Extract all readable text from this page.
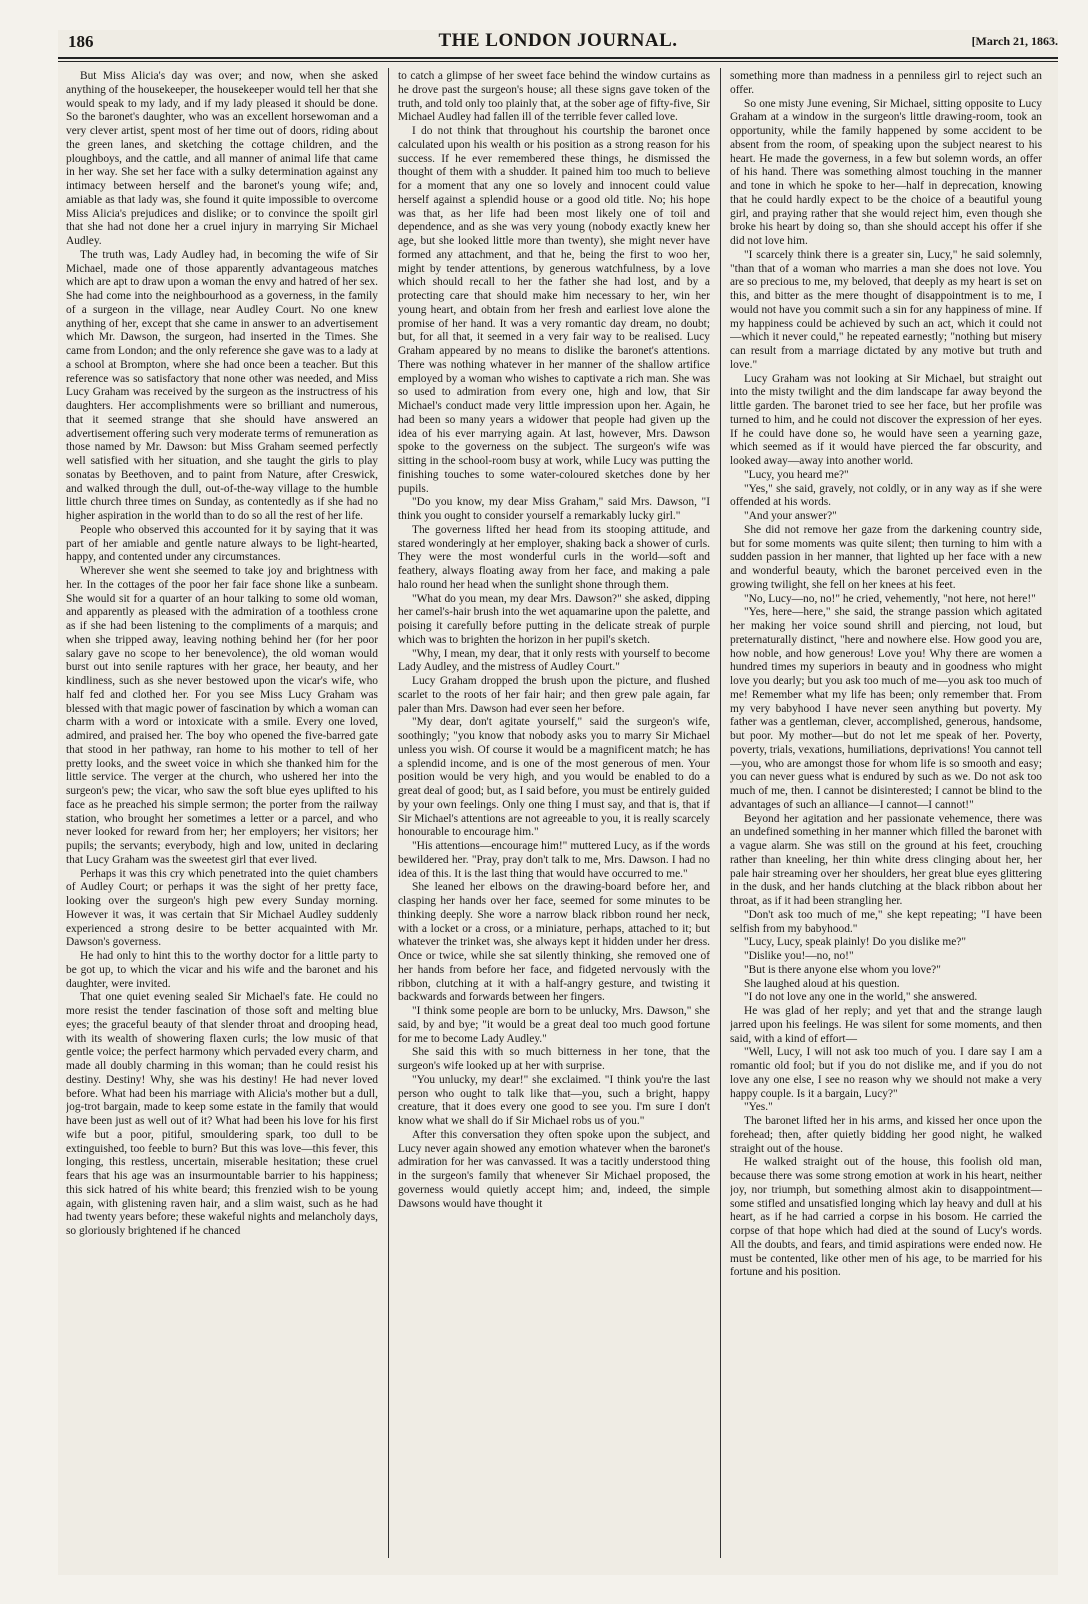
186	THE LONDON JOURNAL.	[March 21, 1863.

But Miss Alicia's day was over; and now, when she asked anything of the housekeeper, the housekeeper would tell her that she would speak to my lady, and if my lady pleased it should be done. So the baronet's daughter, who was an excellent horsewoman and a very clever artist, spent most of her time out of doors, riding about the green lanes, and sketching the cottage children, and the ploughboys, and the cattle, and all manner of animal life that came in her way. She set her face with a sulky determination against any intimacy between herself and the baronet's young wife; and, amiable as that lady was, she found it quite impossible to overcome Miss Alicia's prejudices and dislike; or to convince the spoilt girl that she had not done her a cruel injury in marrying Sir Michael Audley.

The truth was, Lady Audley had, in becoming the wife of Sir Michael, made one of those apparently advantageous matches which are apt to draw upon a woman the envy and hatred of her sex. She had come into the neighbourhood as a governess, in the family of a surgeon in the village, near Audley Court. No one knew anything of her, except that she came in answer to an advertisement which Mr. Dawson, the surgeon, had inserted in the Times. She came from London; and the only reference she gave was to a lady at a school at Brompton, where she had once been a teacher. But this reference was so satisfactory that none other was needed, and Miss Lucy Graham was received by the surgeon as the instructress of his daughters. Her accomplishments were so brilliant and numerous, that it seemed strange that she should have answered an advertisement offering such very moderate terms of remuneration as those named by Mr. Dawson: but Miss Graham seemed perfectly well satisfied with her situation, and she taught the girls to play sonatas by Beethoven, and to paint from Nature, after Creswick, and walked through the dull, out-of-the-way village to the humble little church three times on Sunday, as contentedly as if she had no higher aspiration in the world than to do so all the rest of her life.

People who observed this accounted for it by saying that it was part of her amiable and gentle nature always to be light-hearted, happy, and contented under any circumstances.

Wherever she went she seemed to take joy and brightness with her. In the cottages of the poor her fair face shone like a sunbeam. She would sit for a quarter of an hour talking to some old woman, and apparently as pleased with the admiration of a toothless crone as if she had been listening to the compliments of a marquis; and when she tripped away, leaving nothing behind her (for her poor salary gave no scope to her benevolence), the old woman would burst out into senile raptures with her grace, her beauty, and her kindliness, such as she never bestowed upon the vicar's wife, who half fed and clothed her. For you see Miss Lucy Graham was blessed with that magic power of fascination by which a woman can charm with a word or intoxicate with a smile. Every one loved, admired, and praised her. The boy who opened the five-barred gate that stood in her pathway, ran home to his mother to tell of her pretty looks, and the sweet voice in which she thanked him for the little service. The verger at the church, who ushered her into the surgeon's pew; the vicar, who saw the soft blue eyes uplifted to his face as he preached his simple sermon; the porter from the railway station, who brought her sometimes a letter or a parcel, and who never looked for reward from her; her employers; her visitors; her pupils; the servants; everybody, high and low, united in declaring that Lucy Graham was the sweetest girl that ever lived.

Perhaps it was this cry which penetrated into the quiet chambers of Audley Court; or perhaps it was the sight of her pretty face, looking over the surgeon's high pew every Sunday morning. However it was, it was certain that Sir Michael Audley suddenly experienced a strong desire to be better acquainted with Mr. Dawson's governess.

He had only to hint this to the worthy doctor for a little party to be got up, to which the vicar and his wife and the baronet and his daughter, were invited.

That one quiet evening sealed Sir Michael's fate. He could no more resist the tender fascination of those soft and melting blue eyes; the graceful beauty of that slender throat and drooping head, with its wealth of showering flaxen curls; the low music of that gentle voice; the perfect harmony which pervaded every charm, and made all doubly charming in this woman; than he could resist his destiny. Destiny! Why, she was his destiny! He had never loved before. What had been his marriage with Alicia's mother but a dull, jog-trot bargain, made to keep some estate in the family that would have been just as well out of it? What had been his love for his first wife but a poor, pitiful, smouldering spark, too dull to be extinguished, too feeble to burn? But this was love—this fever, this longing, this restless, uncertain, miserable hesitation; these cruel fears that his age was an insurmountable barrier to his happiness; this sick hatred of his white beard; this frenzied wish to be young again, with glistening raven hair, and a slim waist, such as he had had twenty years before; these wakeful nights and melancholy days, so gloriously brightened if he chanced

to catch a glimpse of her sweet face behind the window curtains as he drove past the surgeon's house; all these signs gave token of the truth, and told only too plainly that, at the sober age of fifty-five, Sir Michael Audley had fallen ill of the terrible fever called love.

I do not think that throughout his courtship the baronet once calculated upon his wealth or his position as a strong reason for his success. If he ever remembered these things, he dismissed the thought of them with a shudder. It pained him too much to believe for a moment that any one so lovely and innocent could value herself against a splendid house or a good old title. No; his hope was that, as her life had been most likely one of toil and dependence, and as she was very young (nobody exactly knew her age, but she looked little more than twenty), she might never have formed any attachment, and that he, being the first to woo her, might by tender attentions, by generous watchfulness, by a love which should recall to her the father she had lost, and by a protecting care that should make him necessary to her, win her young heart, and obtain from her fresh and earliest love alone the promise of her hand. It was a very romantic day dream, no doubt; but, for all that, it seemed in a very fair way to be realised. Lucy Graham appeared by no means to dislike the baronet's attentions. There was nothing whatever in her manner of the shallow artifice employed by a woman who wishes to captivate a rich man. She was so used to admiration from every one, high and low, that Sir Michael's conduct made very little impression upon her. Again, he had been so many years a widower that people had given up the idea of his ever marrying again. At last, however, Mrs. Dawson spoke to the governess on the subject. The surgeon's wife was sitting in the school-room busy at work, while Lucy was putting the finishing touches to some water-coloured sketches done by her pupils.

"Do you know, my dear Miss Graham," said Mrs. Dawson, "I think you ought to consider yourself a remarkably lucky girl."

The governess lifted her head from its stooping attitude, and stared wonderingly at her employer, shaking back a shower of curls. They were the most wonderful curls in the world—soft and feathery, always floating away from her face, and making a pale halo round her head when the sunlight shone through them.

"What do you mean, my dear Mrs. Dawson?" she asked, dipping her camel's-hair brush into the wet aquamarine upon the palette, and poising it carefully before putting in the delicate streak of purple which was to brighten the horizon in her pupil's sketch.

"Why, I mean, my dear, that it only rests with yourself to become Lady Audley, and the mistress of Audley Court."

Lucy Graham dropped the brush upon the picture, and flushed scarlet to the roots of her fair hair; and then grew pale again, far paler than Mrs. Dawson had ever seen her before.

"My dear, don't agitate yourself," said the surgeon's wife, soothingly; "you know that nobody asks you to marry Sir Michael unless you wish. Of course it would be a magnificent match; he has a splendid income, and is one of the most generous of men. Your position would be very high, and you would be enabled to do a great deal of good; but, as I said before, you must be entirely guided by your own feelings. Only one thing I must say, and that is, that if Sir Michael's attentions are not agreeable to you, it is really scarcely honourable to encourage him."

"His attentions—encourage him!" muttered Lucy, as if the words bewildered her. "Pray, pray don't talk to me, Mrs. Dawson. I had no idea of this. It is the last thing that would have occurred to me."

She leaned her elbows on the drawing-board before her, and clasping her hands over her face, seemed for some minutes to be thinking deeply. She wore a narrow black ribbon round her neck, with a locket or a cross, or a miniature, perhaps, attached to it; but whatever the trinket was, she always kept it hidden under her dress. Once or twice, while she sat silently thinking, she removed one of her hands from before her face, and fidgeted nervously with the ribbon, clutching at it with a half-angry gesture, and twisting it backwards and forwards between her fingers.

"I think some people are born to be unlucky, Mrs. Dawson," she said, by and bye; "it would be a great deal too much good fortune for me to become Lady Audley."

She said this with so much bitterness in her tone, that the surgeon's wife looked up at her with surprise.

"You unlucky, my dear!" she exclaimed. "I think you're the last person who ought to talk like that—you, such a bright, happy creature, that it does every one good to see you. I'm sure I don't know what we shall do if Sir Michael robs us of you."

After this conversation they often spoke upon the subject, and Lucy never again showed any emotion whatever when the baronet's admiration for her was canvassed. It was a tacitly understood thing in the surgeon's family that whenever Sir Michael proposed, the governess would quietly accept him; and, indeed, the simple Dawsons would have thought it

something more than madness in a penniless girl to reject such an offer.

So one misty June evening, Sir Michael, sitting opposite to Lucy Graham at a window in the surgeon's little drawing-room, took an opportunity, while the family happened by some accident to be absent from the room, of speaking upon the subject nearest to his heart. He made the governess, in a few but solemn words, an offer of his hand. There was something almost touching in the manner and tone in which he spoke to her—half in deprecation, knowing that he could hardly expect to be the choice of a beautiful young girl, and praying rather that she would reject him, even though she broke his heart by doing so, than she should accept his offer if she did not love him.

"I scarcely think there is a greater sin, Lucy," he said solemnly, "than that of a woman who marries a man she does not love. You are so precious to me, my beloved, that deeply as my heart is set on this, and bitter as the mere thought of disappointment is to me, I would not have you commit such a sin for any happiness of mine. If my happiness could be achieved by such an act, which it could not—which it never could," he repeated earnestly; "nothing but misery can result from a marriage dictated by any motive but truth and love."

Lucy Graham was not looking at Sir Michael, but straight out into the misty twilight and the dim landscape far away beyond the little garden. The baronet tried to see her face, but her profile was turned to him, and he could not discover the expression of her eyes. If he could have done so, he would have seen a yearning gaze, which seemed as if it would have pierced the far obscurity, and looked away—away into another world.

"Lucy, you heard me?"

"Yes," she said, gravely, not coldly, or in any way as if she were offended at his words.

"And your answer?"

She did not remove her gaze from the darkening country side, but for some moments was quite silent; then turning to him with a sudden passion in her manner, that lighted up her face with a new and wonderful beauty, which the baronet perceived even in the growing twilight, she fell on her knees at his feet.

"No, Lucy—no, no!" he cried, vehemently, "not here, not here!"

"Yes, here—here," she said, the strange passion which agitated her making her voice sound shrill and piercing, not loud, but preternaturally distinct, "here and nowhere else. How good you are, how noble, and how generous! Love you! Why there are women a hundred times my superiors in beauty and in goodness who might love you dearly; but you ask too much of me—you ask too much of me! Remember what my life has been; only remember that. From my very babyhood I have never seen anything but poverty. My father was a gentleman, clever, accomplished, generous, handsome, but poor. My mother—but do not let me speak of her. Poverty, poverty, trials, vexations, humiliations, deprivations! You cannot tell—you, who are amongst those for whom life is so smooth and easy; you can never guess what is endured by such as we. Do not ask too much of me, then. I cannot be disinterested; I cannot be blind to the advantages of such an alliance—I cannot—I cannot!"

Beyond her agitation and her passionate vehemence, there was an undefined something in her manner which filled the baronet with a vague alarm. She was still on the ground at his feet, crouching rather than kneeling, her thin white dress clinging about her, her pale hair streaming over her shoulders, her great blue eyes glittering in the dusk, and her hands clutching at the black ribbon about her throat, as if it had been strangling her.

"Don't ask too much of me," she kept repeating; "I have been selfish from my babyhood."

"Lucy, Lucy, speak plainly! Do you dislike me?"

"Dislike you!—no, no!"

"But is there anyone else whom you love?"

She laughed aloud at his question.

"I do not love any one in the world," she answered.

He was glad of her reply; and yet that and the strange laugh jarred upon his feelings. He was silent for some moments, and then said, with a kind of effort—

"Well, Lucy, I will not ask too much of you. I dare say I am a romantic old fool; but if you do not dislike me, and if you do not love any one else, I see no reason why we should not make a very happy couple. Is it a bargain, Lucy?"

"Yes."

The baronet lifted her in his arms, and kissed her once upon the forehead; then, after quietly bidding her good night, he walked straight out of the house.

He walked straight out of the house, this foolish old man, because there was some strong emotion at work in his heart, neither joy, nor triumph, but something almost akin to disappointment—some stifled and unsatisfied longing which lay heavy and dull at his heart, as if he had carried a corpse in his bosom. He carried the corpse of that hope which had died at the sound of Lucy's words. All the doubts, and fears, and timid aspirations were ended now. He must be contented, like other men of his age, to be married for his fortune and his position.
